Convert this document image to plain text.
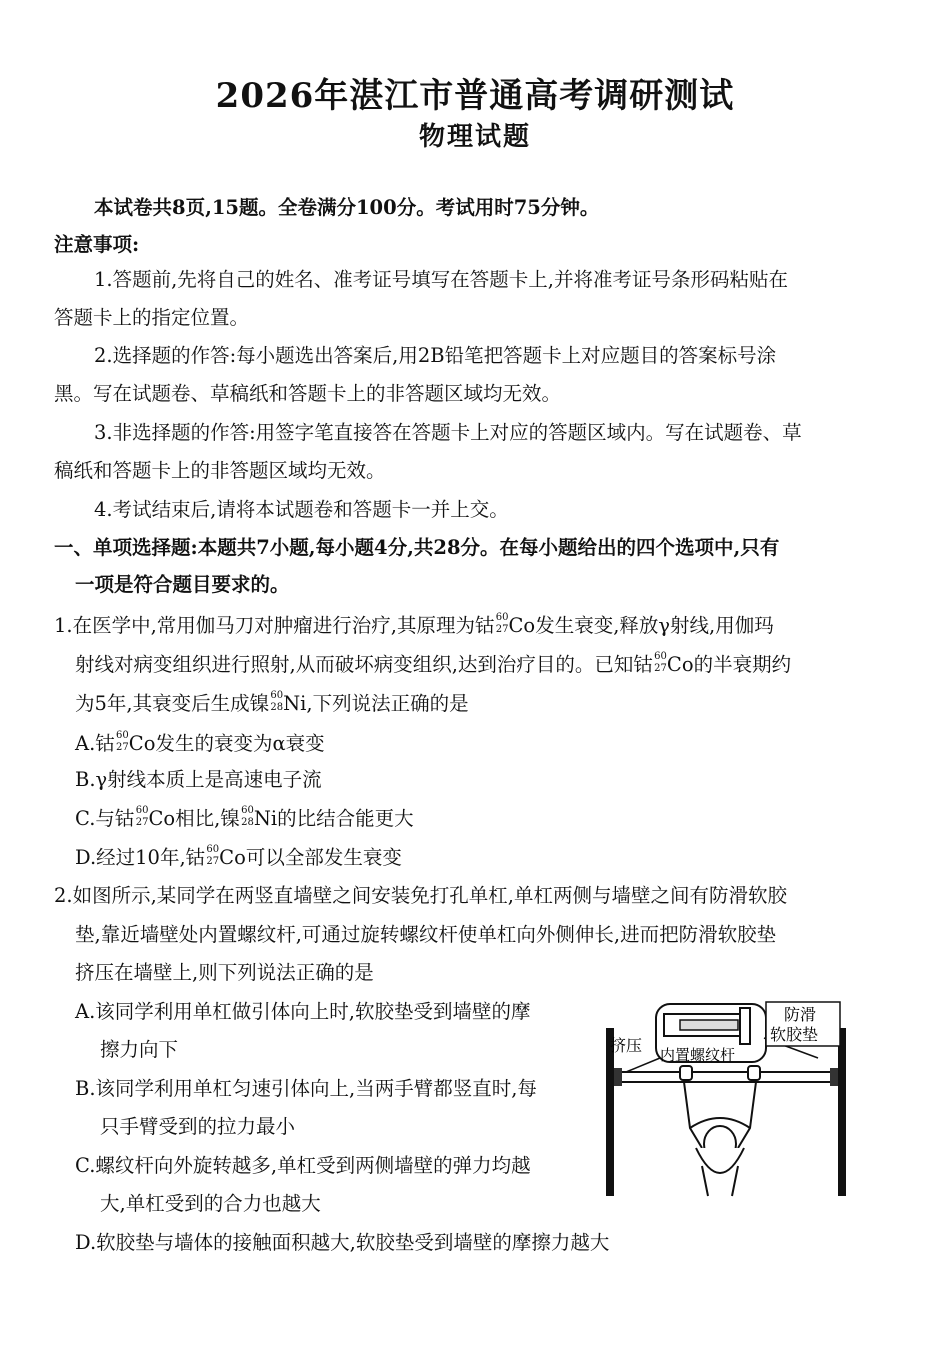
2026年湛江市普通高考调研测试
物理试题
本试卷共8页,15题。全卷满分100分。考试用时75分钟。
注意事项:
1.答题前,先将自己的姓名、准考证号填写在答题卡上,并将准考证号条形码粘贴在
答题卡上的指定位置。
2.选择题的作答:每小题选出答案后,用2B铅笔把答题卡上对应题目的答案标号涂
黑。写在试题卷、草稿纸和答题卡上的非答题区域均无效。
3.非选择题的作答:用签字笔直接答在答题卡上对应的答题区域内。写在试题卷、草
稿纸和答题卡上的非答题区域均无效。
4.考试结束后,请将本试题卷和答题卡一并上交。
一、单项选择题:本题共7小题,每小题4分,共28分。在每小题给出的四个选项中,只有
一项是符合题目要求的。
1.在医学中,常用伽马刀对肿瘤进行治疗,其原理为钴 60
27 Co发生衰变,释放γ射线,用伽玛
射线对病变组织进行照射,从而破坏病变组织,达到治疗目的。已知钴 60
27 Co的半衰期约
为5年,其衰变后生成镍 60
28 Ni,下列说法正确的是
A.钴 60
27 Co发生的衰变为α衰变
B.γ射线本质上是高速电子流
C.与钴 60
27 Co相比,镍 60
28 Ni的比结合能更大
D.经过10年,钴 60
27 Co可以全部发生衰变
2.如图所示,某同学在两竖直墙壁之间安装免打孔单杠,单杠两侧与墙壁之间有防滑软胶
垫,靠近墙壁处内置螺纹杆,可通过旋转螺纹杆使单杠向外侧伸长,进而把防滑软胶垫
挤压在墙壁上,则下列说法正确的是
A.该同学利用单杠做引体向上时,软胶垫受到墙壁的摩
擦力向下
B.该同学利用单杠匀速引体向上,当两手臂都竖直时,每
只手臂受到的拉力最小
C.螺纹杆向外旋转越多,单杠受到两侧墙壁的弹力均越
大,单杠受到的合力也越大
D.软胶垫与墙体的接触面积越大,软胶垫受到墙壁的摩擦力越大
挤压 内置螺纹杆
防滑
软胶垫
